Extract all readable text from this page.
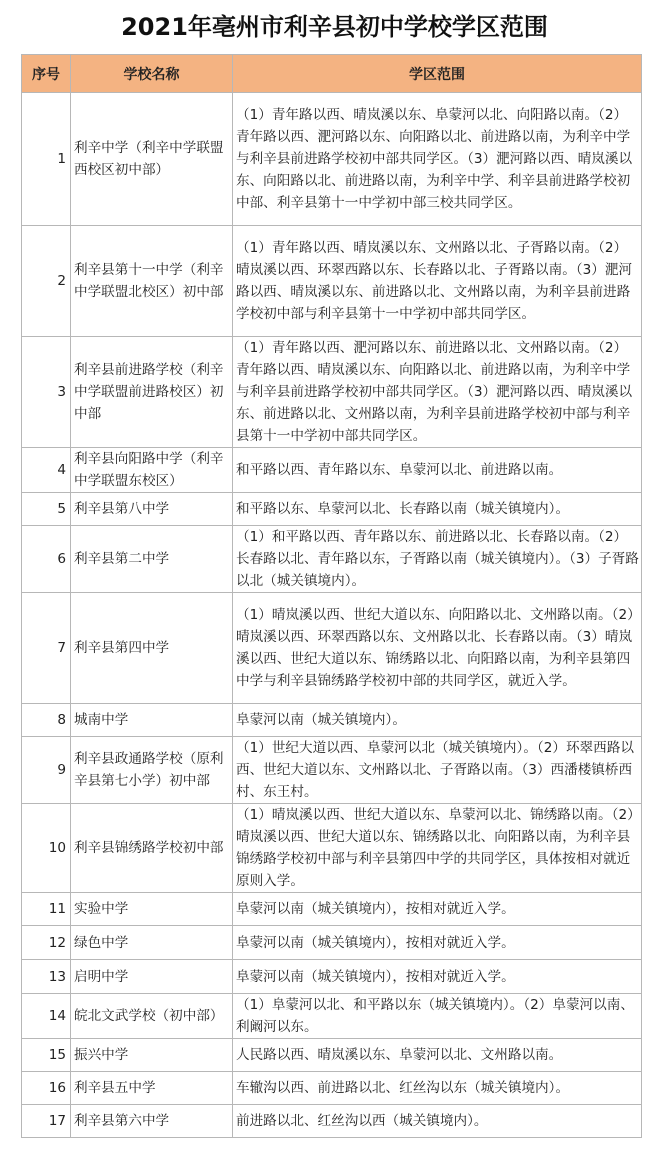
2021年亳州市利辛县初中学校学区范围
序号	学校名称	学区范围
1	利辛中学（利辛中学联盟西校区初中部）	（1）青年路以西、晴岚溪以东、阜蒙河以北、向阳路以南。（2）青年路以西、淝河路以东、向阳路以北、前进路以南，为利辛中学与利辛县前进路学校初中部共同学区。（3）淝河路以西、晴岚溪以东、向阳路以北、前进路以南，为利辛中学、利辛县前进路学校初中部、利辛县第十一中学初中部三校共同学区。
2	利辛县第十一中学（利辛中学联盟北校区）初中部	（1）青年路以西、晴岚溪以东、文州路以北、子胥路以南。（2）晴岚溪以西、环翠西路以东、长春路以北、子胥路以南。（3）淝河路以西、晴岚溪以东、前进路以北、文州路以南，为利辛县前进路学校初中部与利辛县第十一中学初中部共同学区。
3	利辛县前进路学校（利辛中学联盟前进路校区）初中部	（1）青年路以西、淝河路以东、前进路以北、文州路以南。（2）青年路以西、晴岚溪以东、向阳路以北、前进路以南，为利辛中学与利辛县前进路学校初中部共同学区。（3）淝河路以西、晴岚溪以东、前进路以北、文州路以南，为利辛县前进路学校初中部与利辛县第十一中学初中部共同学区。
4	利辛县向阳路中学（利辛中学联盟东校区）	和平路以西、青年路以东、阜蒙河以北、前进路以南。
5	利辛县第八中学	和平路以东、阜蒙河以北、长春路以南（城关镇境内）。
6	利辛县第二中学	（1）和平路以西、青年路以东、前进路以北、长春路以南。（2）长春路以北、青年路以东，子胥路以南（城关镇境内）。（3）子胥路以北（城关镇境内）。
7	利辛县第四中学	（1）晴岚溪以西、世纪大道以东、向阳路以北、文州路以南。（2）晴岚溪以西、环翠西路以东、文州路以北、长春路以南。（3）晴岚溪以西、世纪大道以东、锦绣路以北、向阳路以南，为利辛县第四中学与利辛县锦绣路学校初中部的共同学区，就近入学。
8	城南中学	阜蒙河以南（城关镇境内）。
9	利辛县政通路学校（原利辛县第七小学）初中部	（1）世纪大道以西、阜蒙河以北（城关镇境内）。（2）环翠西路以西、世纪大道以东、文州路以北、子胥路以南。（3）西潘楼镇桥西村、东王村。
10	利辛县锦绣路学校初中部	（1）晴岚溪以西、世纪大道以东、阜蒙河以北、锦绣路以南。（2）晴岚溪以西、世纪大道以东、锦绣路以北、向阳路以南，为利辛县锦绣路学校初中部与利辛县第四中学的共同学区，具体按相对就近原则入学。
11	实验中学	阜蒙河以南（城关镇境内），按相对就近入学。
12	绿色中学	阜蒙河以南（城关镇境内），按相对就近入学。
13	启明中学	阜蒙河以南（城关镇境内），按相对就近入学。
14	皖北文武学校（初中部）	（1）阜蒙河以北、和平路以东（城关镇境内）。（2）阜蒙河以南、利阚河以东。
15	振兴中学	人民路以西、晴岚溪以东、阜蒙河以北、文州路以南。
16	利辛县五中学	车辙沟以西、前进路以北、红丝沟以东（城关镇境内）。
17	利辛县第六中学	前进路以北、红丝沟以西（城关镇境内）。
